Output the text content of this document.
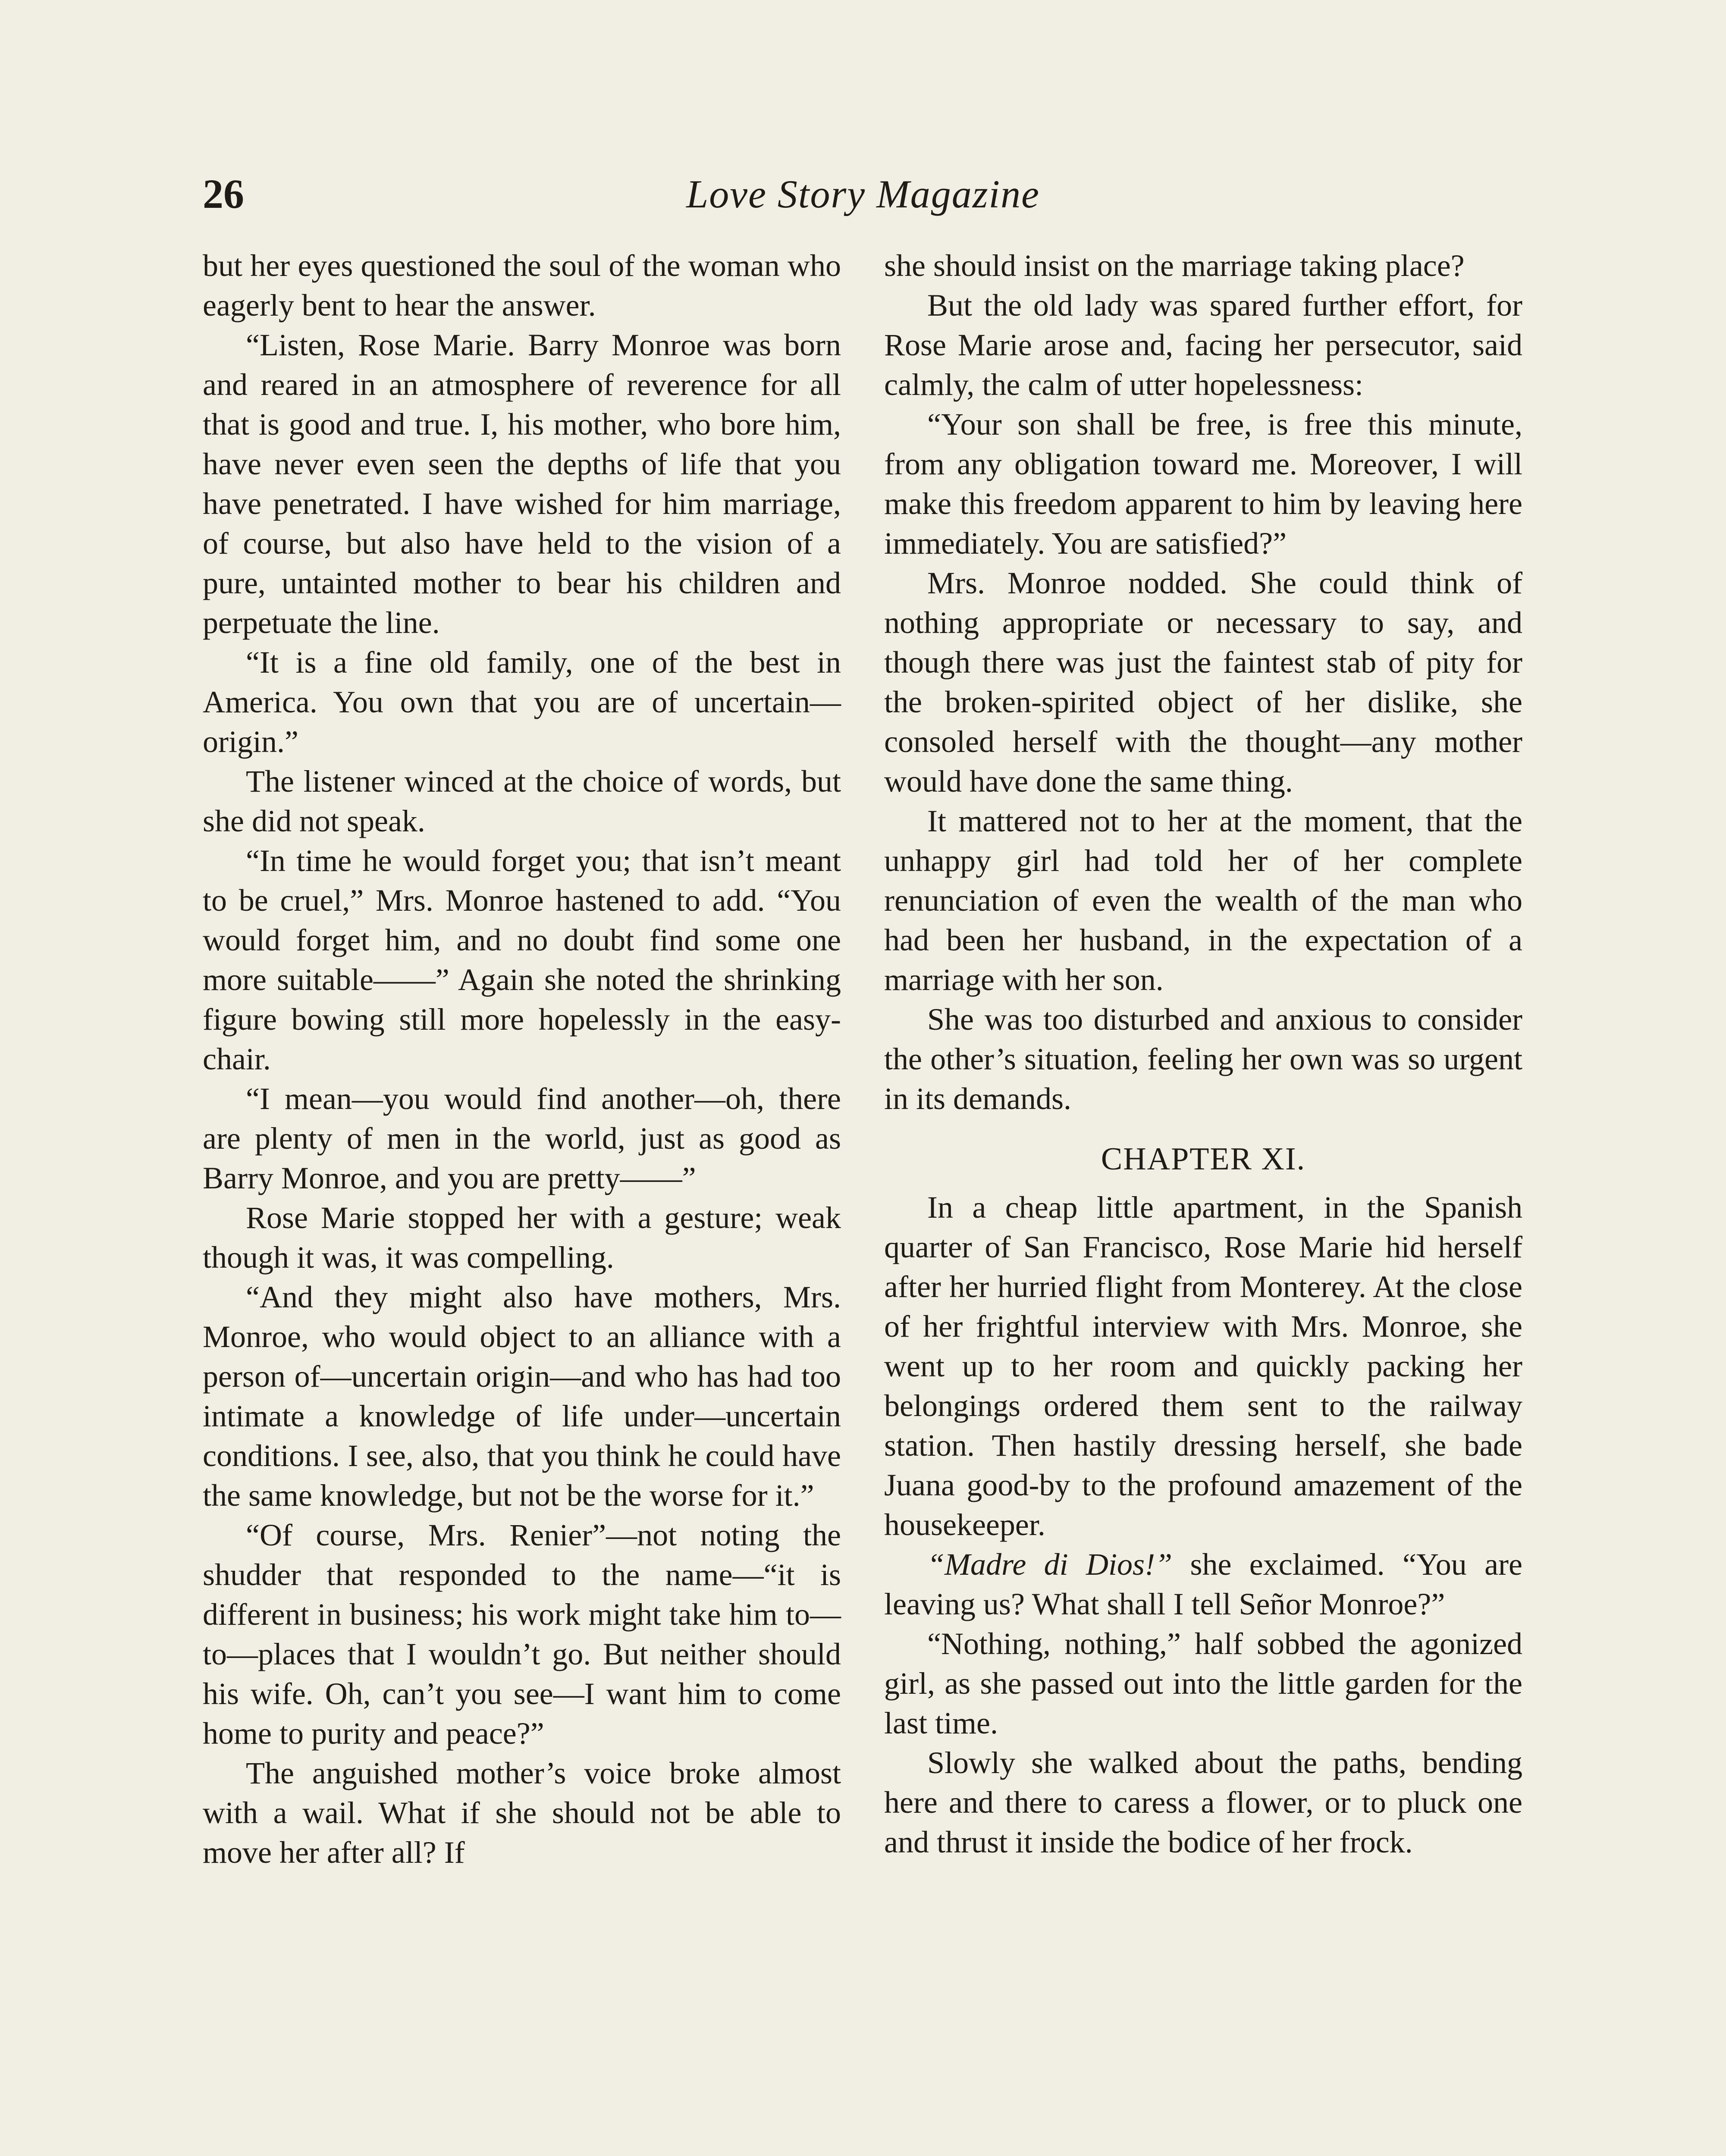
26	Love Story Magazine

but her eyes questioned the soul of the woman who eagerly bent to hear the answer.

“Listen, Rose Marie. Barry Monroe was born and reared in an atmosphere of reverence for all that is good and true. I, his mother, who bore him, have never even seen the depths of life that you have penetrated. I have wished for him marriage, of course, but also have held to the vision of a pure, untainted mother to bear his children and perpetuate the line.

“It is a fine old family, one of the best in America. You own that you are of uncertain—origin.”

The listener winced at the choice of words, but she did not speak.

“In time he would forget you; that isn’t meant to be cruel,” Mrs. Monroe hastened to add. “You would forget him, and no doubt find some one more suitable——” Again she noted the shrinking figure bowing still more hopelessly in the easy-chair.

“I mean—you would find another—oh, there are plenty of men in the world, just as good as Barry Monroe, and you are pretty——”

Rose Marie stopped her with a gesture; weak though it was, it was compelling.

“And they might also have mothers, Mrs. Monroe, who would object to an alliance with a person of—uncertain origin—and who has had too intimate a knowledge of life under—uncertain conditions. I see, also, that you think he could have the same knowledge, but not be the worse for it.”

“Of course, Mrs. Renier”—not noting the shudder that responded to the name—“it is different in business; his work might take him to—to—places that I wouldn’t go. But neither should his wife. Oh, can’t you see—I want him to come home to purity and peace?”

The anguished mother’s voice broke almost with a wail. What if she should not be able to move her after all? If

she should insist on the marriage taking place?

But the old lady was spared further effort, for Rose Marie arose and, facing her persecutor, said calmly, the calm of utter hopelessness:

“Your son shall be free, is free this minute, from any obligation toward me. Moreover, I will make this freedom apparent to him by leaving here immediately. You are satisfied?”

Mrs. Monroe nodded. She could think of nothing appropriate or necessary to say, and though there was just the faintest stab of pity for the broken-spirited object of her dislike, she consoled herself with the thought—any mother would have done the same thing.

It mattered not to her at the moment, that the unhappy girl had told her of her complete renunciation of even the wealth of the man who had been her husband, in the expectation of a marriage with her son.

She was too disturbed and anxious to consider the other’s situation, feeling her own was so urgent in its demands.

CHAPTER XI.

In a cheap little apartment, in the Spanish quarter of San Francisco, Rose Marie hid herself after her hurried flight from Monterey. At the close of her frightful interview with Mrs. Monroe, she went up to her room and quickly packing her belongings ordered them sent to the railway station. Then hastily dressing herself, she bade Juana good-by to the profound amazement of the housekeeper.

“Madre di Dios!” she exclaimed. “You are leaving us? What shall I tell Señor Monroe?”

“Nothing, nothing,” half sobbed the agonized girl, as she passed out into the little garden for the last time.

Slowly she walked about the paths, bending here and there to caress a flower, or to pluck one and thrust it inside the bodice of her frock.
